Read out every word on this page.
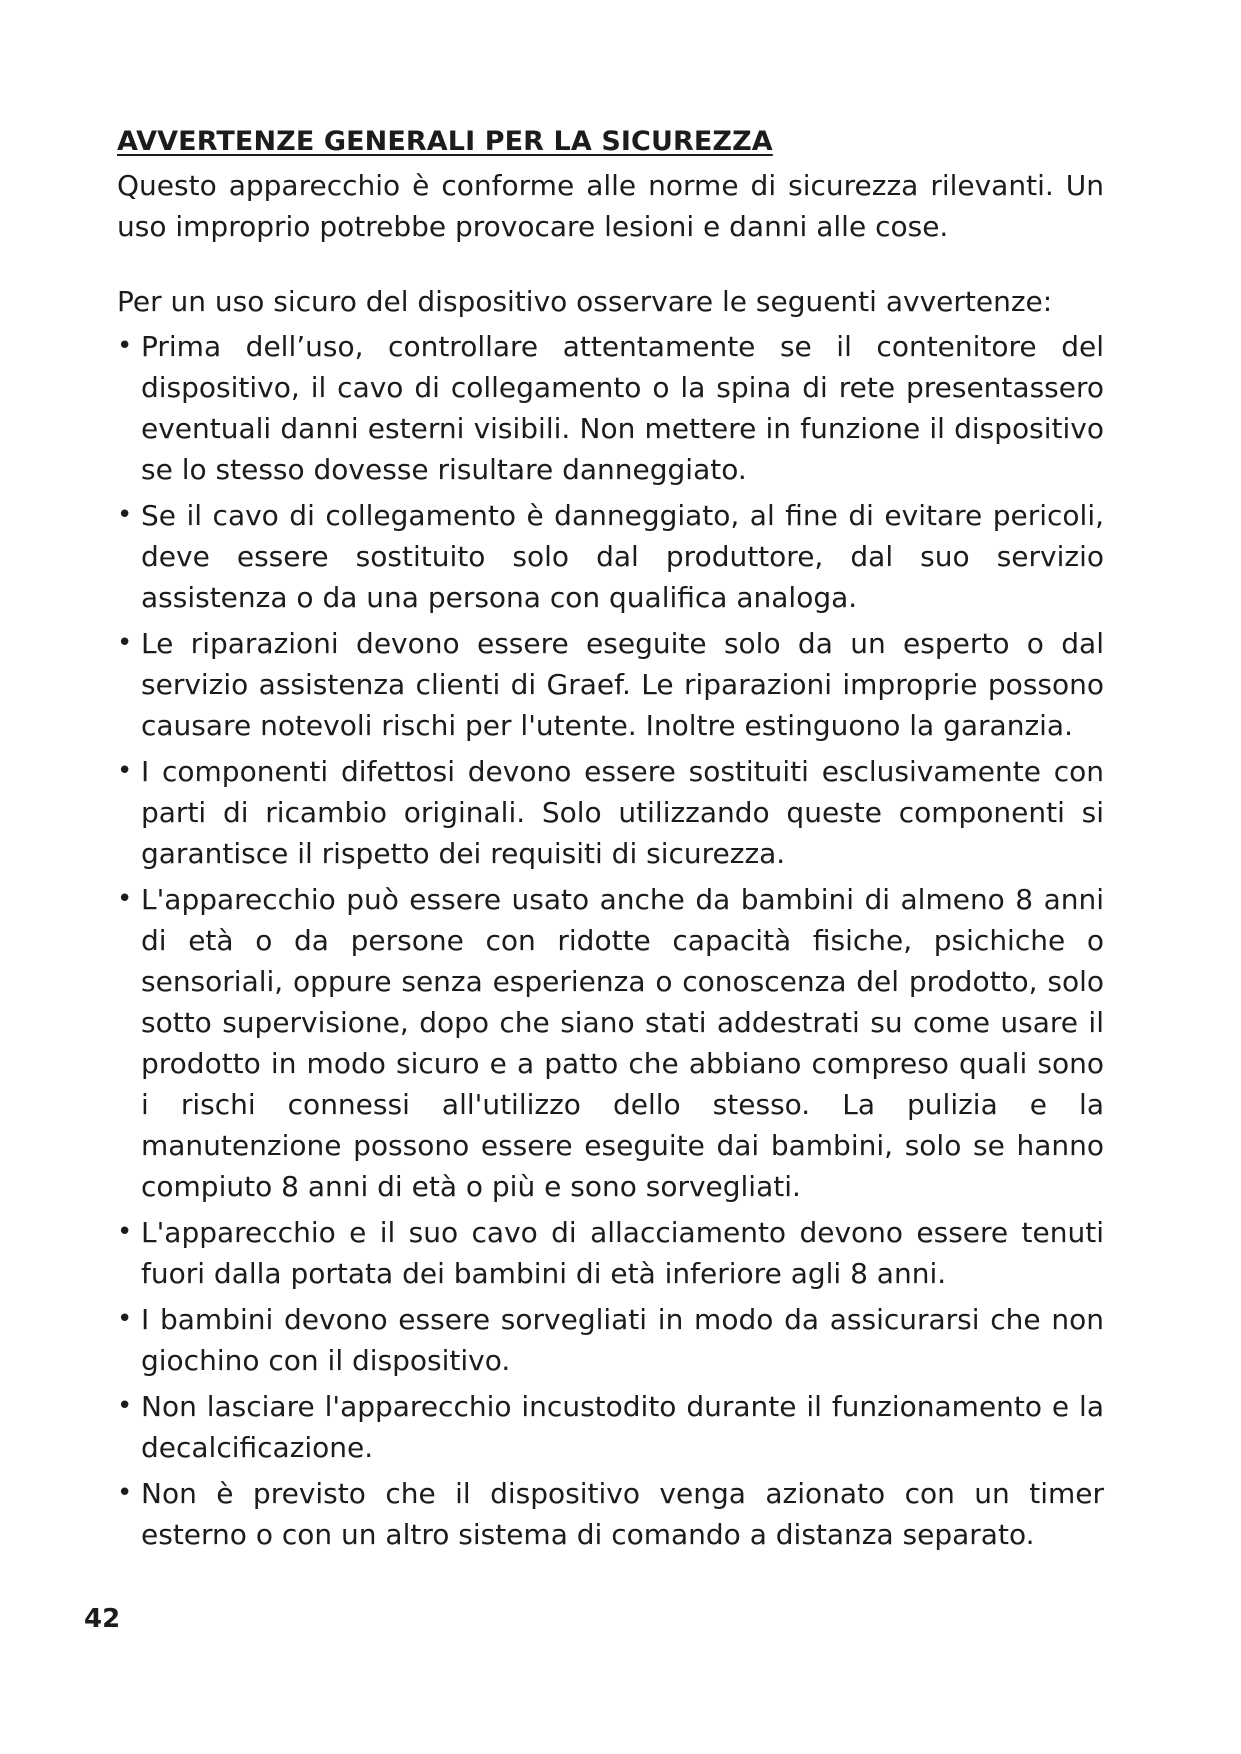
AVVERTENZE GENERALI PER LA SICUREZZA

Questo apparecchio è conforme alle norme di sicurezza rilevanti. Un uso improprio potrebbe provocare lesioni e danni alle cose.

Per un uso sicuro del dispositivo osservare le seguenti avvertenze:

• Prima dell’uso, controllare attentamente se il contenitore del dispositivo, il cavo di collegamento o la spina di rete presentassero eventuali danni esterni visibili. Non mettere in funzione il dispositivo se lo stesso dovesse risultare danneggiato.
• Se il cavo di collegamento è danneggiato, al fine di evitare pericoli, deve essere sostituito solo dal produttore, dal suo servizio assistenza o da una persona con qualifica analoga.
• Le riparazioni devono essere eseguite solo da un esperto o dal servizio assistenza clienti di Graef. Le riparazioni improprie possono causare notevoli rischi per l'utente. Inoltre estinguono la garanzia.
• I componenti difettosi devono essere sostituiti esclusivamente con parti di ricambio originali. Solo utilizzando queste componenti si garantisce il rispetto dei requisiti di sicurezza.
• L'apparecchio può essere usato anche da bambini di almeno 8 anni di età o da persone con ridotte capacità fisiche, psichiche o sensoriali, oppure senza esperienza o conoscenza del prodotto, solo sotto supervisione, dopo che siano stati addestrati su come usare il prodotto in modo sicuro e a patto che abbiano compreso quali sono i rischi connessi all'utilizzo dello stesso. La pulizia e la manutenzione possono essere eseguite dai bambini, solo se hanno compiuto 8 anni di età o più e sono sorvegliati.
• L'apparecchio e il suo cavo di allacciamento devono essere tenuti fuori dalla portata dei bambini di età inferiore agli 8 anni.
• I bambini devono essere sorvegliati in modo da assicurarsi che non giochino con il dispositivo.
• Non lasciare l'apparecchio incustodito durante il funzionamento e la decalcificazione.
• Non è previsto che il dispositivo venga azionato con un timer esterno o con un altro sistema di comando a distanza separato.
42
